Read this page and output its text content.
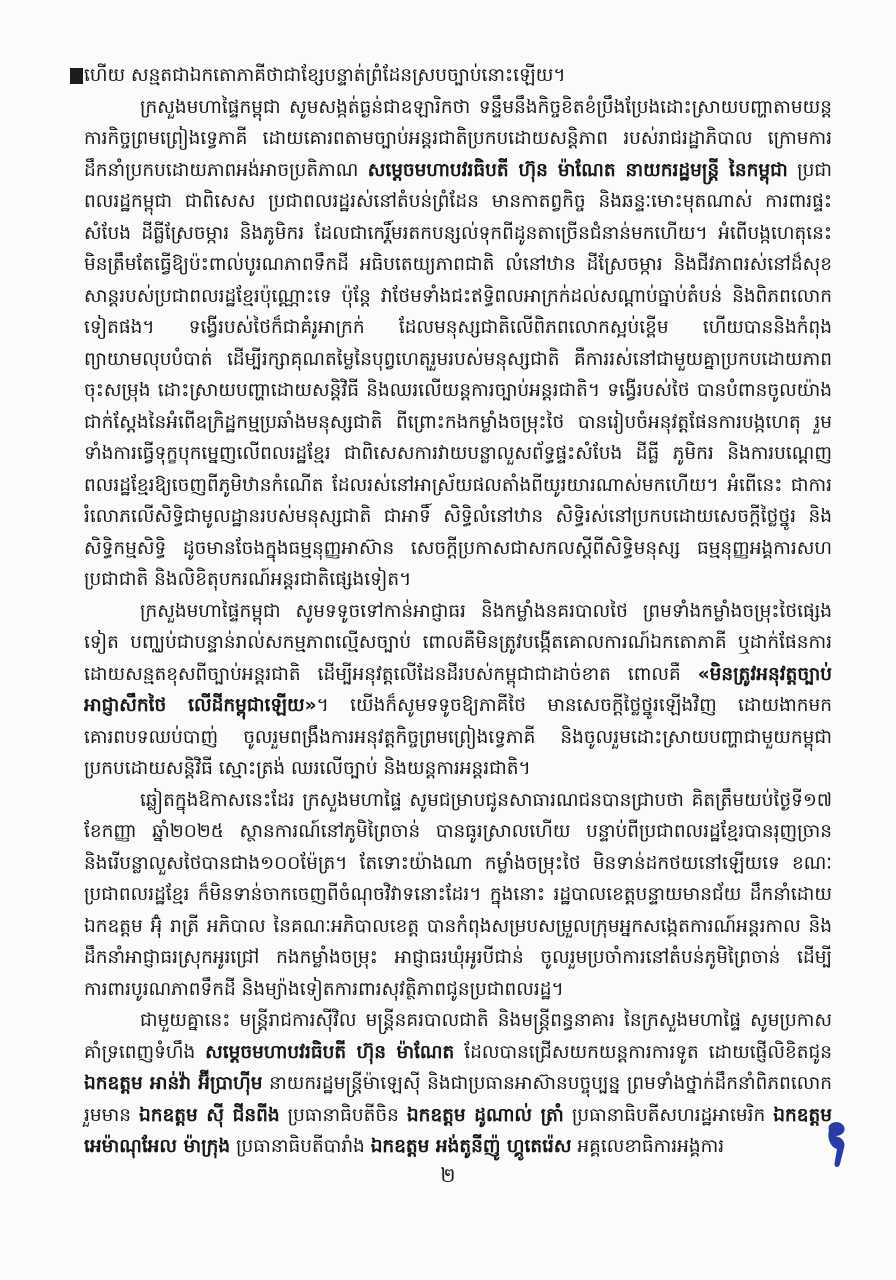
ហើយ សន្មតជាឯកតោភាគីថាជាខ្សែបន្ទាត់ព្រំដែនស្របច្បាប់នោះឡើយ។

ក្រសួងមហាផ្ទៃកម្ពុជា សូមសង្កត់ធ្ងន់ជាឧឡារិកថា ទន្ទឹមនឹងកិច្ចខិតខំប្រឹងប្រែងដោះស្រាយបញ្ហាតាមយន្តការកិច្ចព្រមព្រៀងទ្វេភាគី ដោយគោរពតាមច្បាប់អន្តរជាតិប្រកបដោយសន្តិភាព របស់រាជរដ្ឋាភិបាល ក្រោមការដឹកនាំប្រកបដោយភាពអង់អាចប្រតិភាណ សម្តេចមហាបវរធិបតី ហ៊ុន ម៉ាណែត នាយករដ្ឋមន្ត្រី នៃកម្ពុជា ប្រជាពលរដ្ឋកម្ពុជា ជាពិសេស ប្រជាពលរដ្ឋរស់នៅតំបន់ព្រំដែន មានកាតព្វកិច្ច និងឆន្ទៈមោះមុតណាស់ ការពារផ្ទះសំបែង ដីធ្លីស្រែចម្ការ និងភូមិករ ដែលជាកេរ្តិ៍មរតកបន្សល់ទុកពីដូនតាច្រើនជំនាន់មកហើយ។ អំពើបង្កហេតុនេះ មិនត្រឹមតែធ្វើឱ្យប៉ះពាល់បូរណភាពទឹកដី អធិបតេយ្យភាពជាតិ លំនៅឋាន ដីស្រែចម្ការ និងជីវភាពរស់នៅដ៏សុខសាន្តរបស់ប្រជាពលរដ្ឋខ្មែរប៉ុណ្ណោះទេ ប៉ុន្តែ វាថែមទាំងជះឥទ្ធិពលអាក្រក់ដល់សណ្តាប់ធ្នាប់តំបន់ និងពិភពលោកទៀតផង។ ទង្វើរបស់ថៃក៏ជាគំរូអាក្រក់ ដែលមនុស្សជាតិលើពិភពលោកស្អប់ខ្ពើម ហើយបាននិងកំពុងព្យាយាមលុបបំបាត់ ដើម្បីរក្សាគុណតម្លៃនៃបុព្វហេតុរួមរបស់មនុស្សជាតិ គឺការរស់នៅជាមួយគ្នាប្រកបដោយភាពចុះសម្រុង ដោះស្រាយបញ្ហាដោយសន្តិវិធី និងឈរលើយន្តការច្បាប់អន្តរជាតិ។ ទង្វើរបស់ថៃ បានបំពានចូលយ៉ាងជាក់ស្តែងនៃអំពើឧក្រិដ្ឋកម្មប្រឆាំងមនុស្សជាតិ ពីព្រោះកងកម្លាំងចម្រុះថៃ បានរៀបចំអនុវត្តផែនការបង្កហេតុ រួមទាំងការធ្វើទុក្ខបុកម្នេញលើពលរដ្ឋខ្មែរ ជាពិសេសការវាយបន្លាលួសព័ទ្ធផ្ទះសំបែង ដីធ្លី ភូមិករ និងការបណ្តេញពលរដ្ឋខ្មែរឱ្យចេញពីភូមិឋានកំណើត ដែលរស់នៅអាស្រ័យផលតាំងពីយូរយារណាស់មកហើយ។ អំពើនេះ ជាការរំលោភលើសិទ្ធិជាមូលដ្ឋានរបស់មនុស្សជាតិ ជាអាទិ៍ សិទ្ធិលំនៅឋាន សិទ្ធិរស់នៅប្រកបដោយសេចក្តីថ្លៃថ្នូរ និងសិទ្ធិកម្មសិទ្ធិ ដូចមានចែងក្នុងធម្មនុញ្ញអាស៊ាន សេចក្តីប្រកាសជាសកលស្តីពីសិទ្ធិមនុស្ស ធម្មនុញ្ញអង្គការសហប្រជាជាតិ និងលិខិតុបករណ៍អន្តរជាតិផ្សេងទៀត។

ក្រសួងមហាផ្ទៃកម្ពុជា សូមទទូចទៅកាន់អាជ្ញាធរ និងកម្លាំងនគរបាលថៃ ព្រមទាំងកម្លាំងចម្រុះថៃផ្សេងទៀត បញ្ឈប់ជាបន្ទាន់រាល់សកម្មភាពល្មើសច្បាប់ ពោលគឺមិនត្រូវបង្កើតគោលការណ៍ឯកតោភាគី ឬដាក់ផែនការដោយសន្មតខុសពីច្បាប់អន្តរជាតិ ដើម្បីអនុវត្តលើដែនដីរបស់កម្ពុជាជាដាច់ខាត ពោលគឺ «មិនត្រូវអនុវត្តច្បាប់អាជ្ញាសឹកថៃ លើដីកម្ពុជាឡើយ»។ យើងក៏សូមទទូចឱ្យភាគីថៃ មានសេចក្តីថ្លៃថ្នូរឡើងវិញ ដោយងាកមកគោរពបទឈប់បាញ់ ចូលរួមពង្រឹងការអនុវត្តកិច្ចព្រមព្រៀងទ្វេភាគី និងចូលរួមដោះស្រាយបញ្ហាជាមួយកម្ពុជាប្រកបដោយសន្តិវិធី ស្មោះត្រង់ ឈរលើច្បាប់ និងយន្តការអន្តរជាតិ។

ឆ្លៀតក្នុងឱកាសនេះដែរ ក្រសួងមហាផ្ទៃ សូមជម្រាបជូនសាធារណជនបានជ្រាបថា គិតត្រឹមយប់ថ្ងៃទី១៧ ខែកញ្ញា ឆ្នាំ២០២៥ ស្ថានការណ៍នៅភូមិព្រៃចាន់ បានធូរស្រាលហើយ បន្ទាប់ពីប្រជាពលរដ្ឋខ្មែរបានរុញច្រាន និងរើបន្លាលួសថៃបានជាង១០០ម៉ែត្រ។ តែទោះយ៉ាងណា កម្លាំងចម្រុះថៃ មិនទាន់ដកថយនៅឡើយទេ ខណៈប្រជាពលរដ្ឋខ្មែរ ក៏មិនទាន់ចាកចេញពីចំណុចវិវាទនោះដែរ។ ក្នុងនោះ រដ្ឋបាលខេត្តបន្ទាយមានជ័យ ដឹកនាំដោយ ឯកឧត្តម អ៊ុំ រាត្រី អភិបាល នៃគណៈអភិបាលខេត្ត បានកំពុងសម្របសម្រួលក្រុមអ្នកសង្កេតការណ៍អន្តរកាល និងដឹកនាំអាជ្ញាធរស្រុកអូរជ្រៅ កងកម្លាំងចម្រុះ អាជ្ញាធរឃុំអូរបីជាន់ ចូលរួមប្រចាំការនៅតំបន់ភូមិព្រៃចាន់ ដើម្បីការពារបូរណភាពទឹកដី និងម្យ៉ាងទៀតការពារសុវត្ថិភាពជូនប្រជាពលរដ្ឋ។

ជាមួយគ្នានេះ មន្ត្រីរាជការស៊ីវិល មន្ត្រីនគរបាលជាតិ និងមន្ត្រីពន្ធនាគារ នៃក្រសួងមហាផ្ទៃ សូមប្រកាសគាំទ្រពេញទំហឹង សម្តេចមហាបវរធិបតី ហ៊ុន ម៉ាណែត ដែលបានជ្រើសយកយន្តការការទូត ដោយផ្ញើលិខិតជូន ឯកឧត្តម អាន់វ៉ា អ៊ីប្រាហ៊ីម នាយករដ្ឋមន្ត្រីម៉ាឡេស៊ី និងជាប្រធានអាស៊ានបច្ចុប្បន្ន ព្រមទាំងថ្នាក់ដឹកនាំពិភពលោករួមមាន ឯកឧត្តម ស៊ី ជីនពីង ប្រធានាធិបតីចិន ឯកឧត្តម ដូណាល់ ត្រាំ ប្រធានាធិបតីសហរដ្ឋអាមេរិក ឯកឧត្តម អេម៉ាណុអែល ម៉ាក្រុង ប្រធានាធិបតីបារាំង ឯកឧត្តម អង់តូនីញ៉ូ ហ្គូតេរ៉េស អគ្គលេខាធិការអង្គការ

២
